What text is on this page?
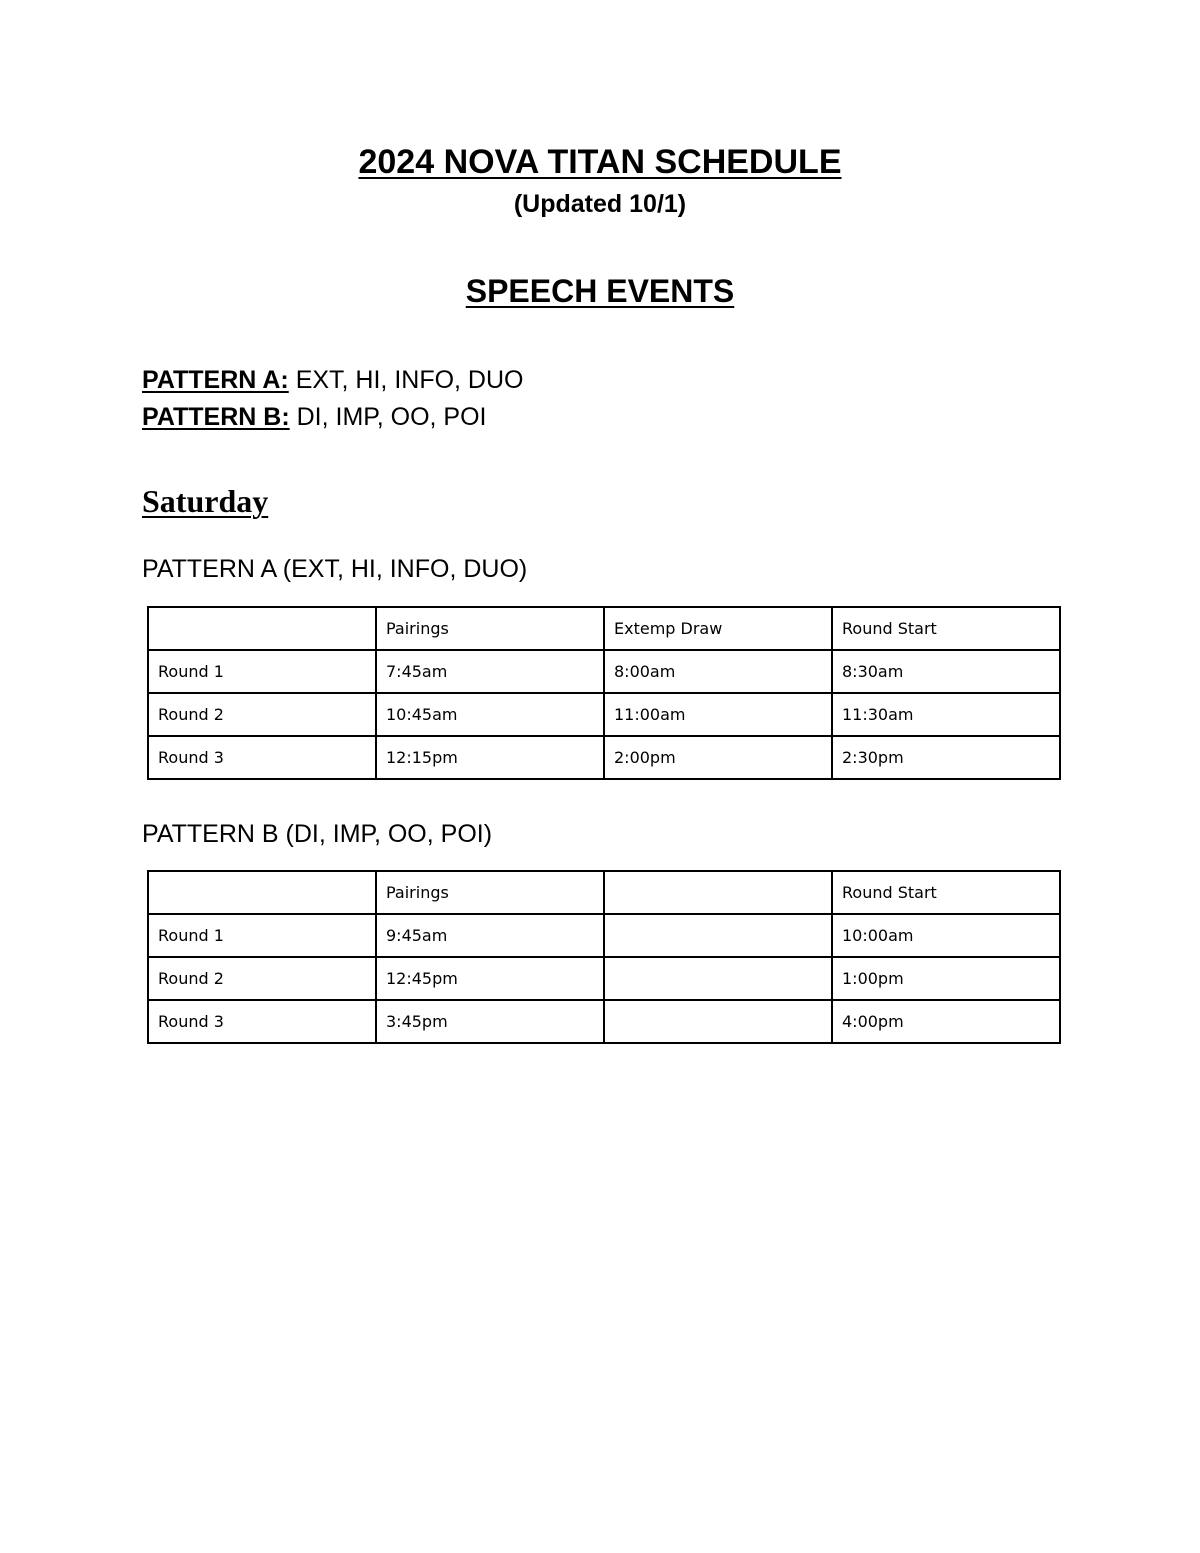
2024 NOVA TITAN SCHEDULE
(Updated 10/1)
SPEECH EVENTS
PATTERN A: EXT, HI, INFO, DUO
PATTERN B: DI, IMP, OO, POI
Saturday
PATTERN A (EXT, HI, INFO, DUO)
	Pairings	Extemp Draw	Round Start
Round 1	7:45am	8:00am	8:30am
Round 2	10:45am	11:00am	11:30am
Round 3	12:15pm	2:00pm	2:30pm
PATTERN B (DI, IMP, OO, POI)
	Pairings		Round Start
Round 1	9:45am		10:00am
Round 2	12:45pm		1:00pm
Round 3	3:45pm		4:00pm
